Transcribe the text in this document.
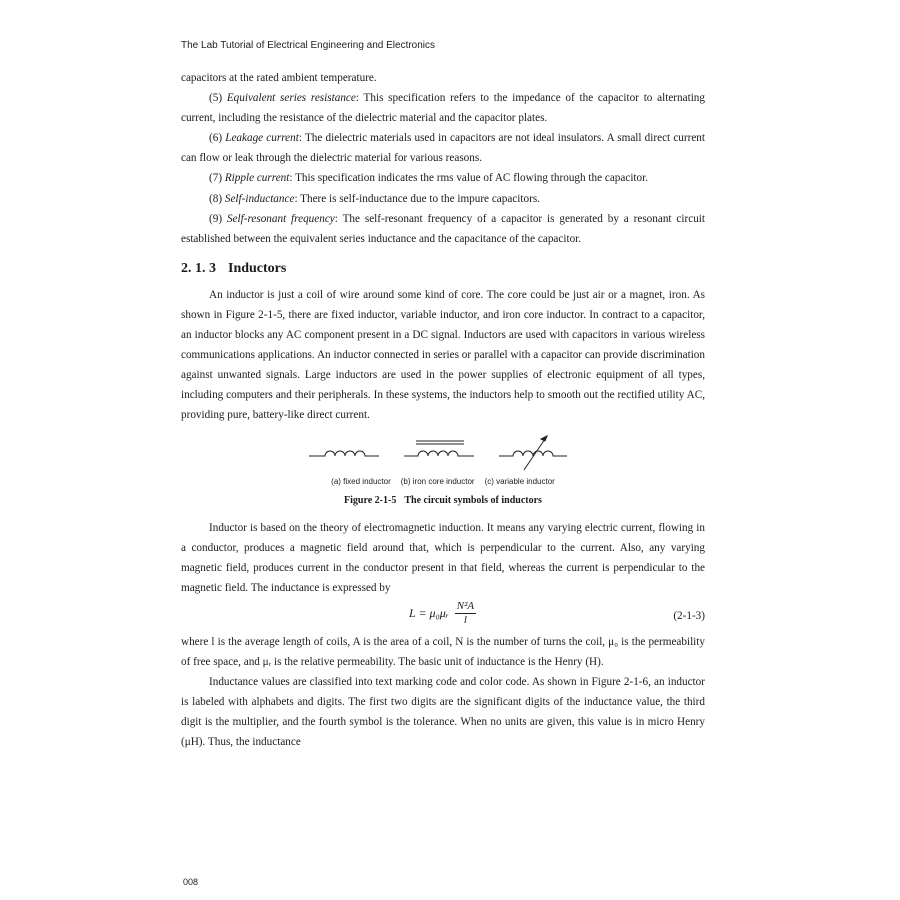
The Lab Tutorial of Electrical Engineering and Electronics

capacitors at the rated ambient temperature.

(5) Equivalent series resistance: This specification refers to the impedance of the capacitor to alternating current, including the resistance of the dielectric material and the capacitor plates.

(6) Leakage current: The dielectric materials used in capacitors are not ideal insulators. A small direct current can flow or leak through the dielectric material for various reasons.

(7) Ripple current: This specification indicates the rms value of AC flowing through the capacitor.

(8) Self-inductance: There is self-inductance due to the impure capacitors.

(9) Self-resonant frequency: The self-resonant frequency of a capacitor is generated by a resonant circuit established between the equivalent series inductance and the capacitance of the capacitor.

2. 1. 3 Inductors

An inductor is just a coil of wire around some kind of core. The core could be just air or a magnet, iron. As shown in Figure 2-1-5, there are fixed inductor, variable inductor, and iron core inductor. In contract to a capacitor, an inductor blocks any AC component present in a DC signal. Inductors are used with capacitors in various wireless communications applications. An inductor connected in series or parallel with a capacitor can provide discrimination against unwanted signals. Large inductors are used in the power supplies of electronic equipment of all types, including computers and their peripherals. In these systems, the inductors help to smooth out the rectified utility AC, providing pure, battery-like direct current.

(a) fixed inductor (b) iron core inductor (c) variable inductor
Figure 2-1-5 The circuit symbols of inductors

Inductor is based on the theory of electromagnetic induction. It means any varying electric current, flowing in a conductor, produces a magnetic field around that, which is perpendicular to the current. Also, any varying magnetic field, produces current in the conductor present in that field, whereas the current is perpendicular to the magnetic field. The inductance is expressed by

L = μ₀μᵣ $\frac{\text{N²A}}{l}$	(2-1-3)

where l is the average length of coils, A is the area of a coil, N is the number of turns the coil, μ₀ is the permeability of free space, and μᵣ is the relative permeability. The basic unit of inductance is the Henry (H).

Inductance values are classified into text marking code and color code. As shown in Figure 2-1-6, an inductor is labeled with alphabets and digits. The first two digits are the significant digits of the inductance value, the third digit is the multiplier, and the fourth symbol is the tolerance. When no units are given, this value is in micro Henry (μH). Thus, the inductance

008
